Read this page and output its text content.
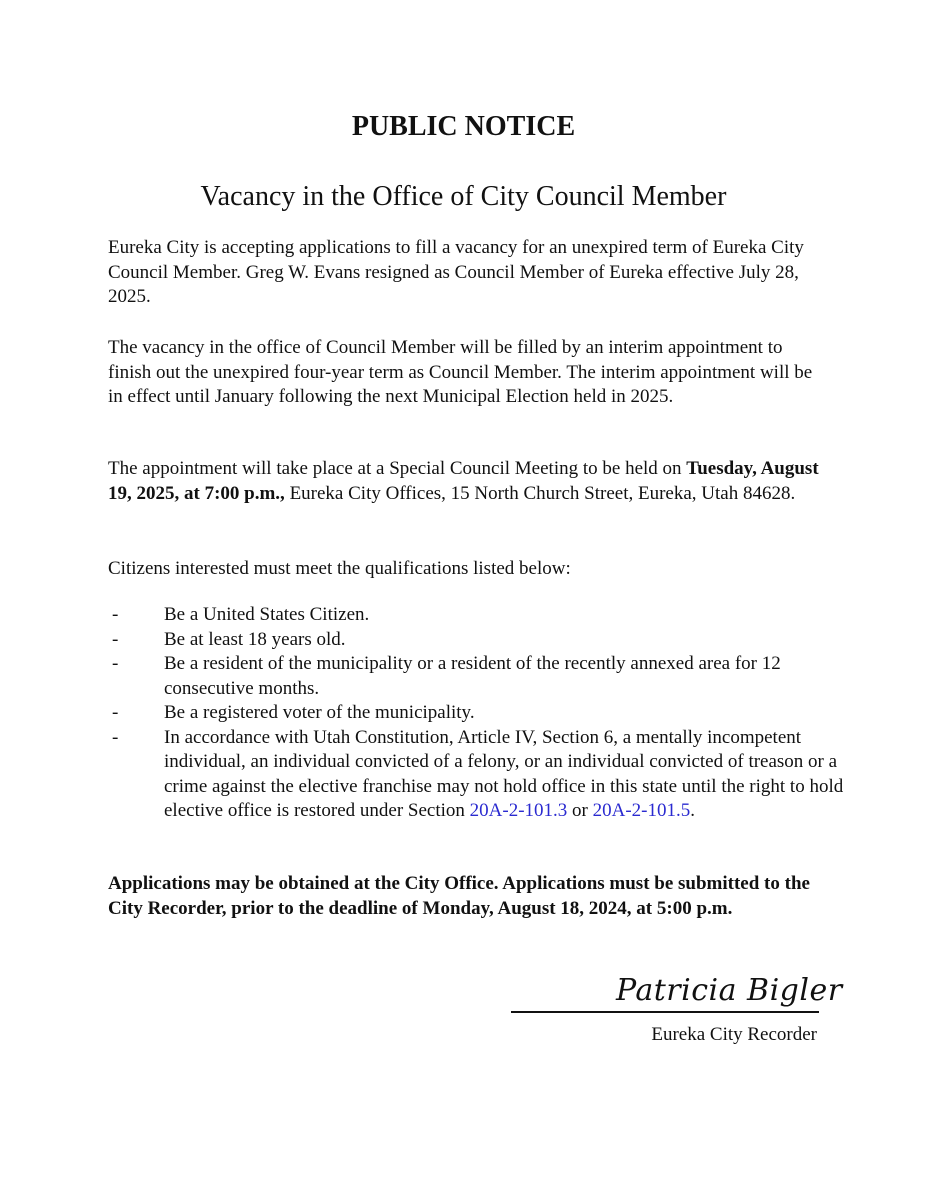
PUBLIC NOTICE
Vacancy in the Office of City Council Member

Eureka City is accepting applications to fill a vacancy for an unexpired term of Eureka City Council Member. Greg W. Evans resigned as Council Member of Eureka effective July 28, 2025.

The vacancy in the office of Council Member will be filled by an interim appointment to finish out the unexpired four-year term as Council Member. The interim appointment will be in effect until January following the next Municipal Election held in 2025.

The appointment will take place at a Special Council Meeting to be held on Tuesday, August 19, 2025, at 7:00 p.m., Eureka City Offices, 15 North Church Street, Eureka, Utah 84628.

Citizens interested must meet the qualifications listed below:

- Be a United States Citizen.
- Be at least 18 years old.
- Be a resident of the municipality or a resident of the recently annexed area for 12 consecutive months.
- Be a registered voter of the municipality.
- In accordance with Utah Constitution, Article IV, Section 6, a mentally incompetent individual, an individual convicted of a felony, or an individual convicted of treason or a crime against the elective franchise may not hold office in this state until the right to hold elective office is restored under Section 20A-2-101.3 or 20A-2-101.5.

Applications may be obtained at the City Office. Applications must be submitted to the City Recorder, prior to the deadline of Monday, August 18, 2024, at 5:00 p.m.

Patricia Bigler
Eureka City Recorder
